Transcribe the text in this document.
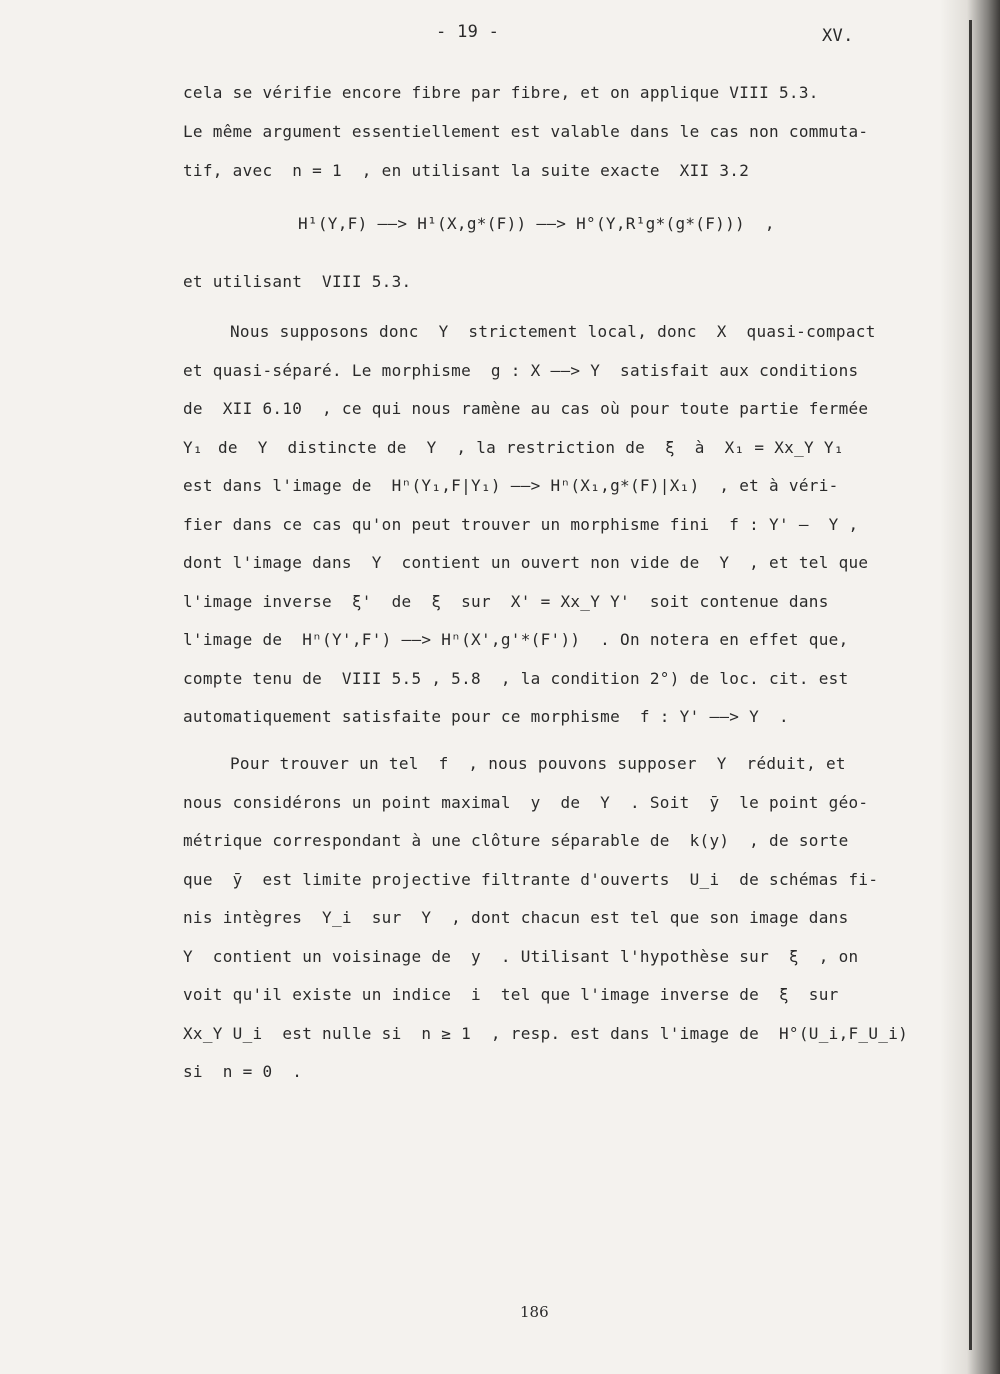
- 19 -	XV.
cela se vérifie encore fibre par fibre, et on applique VIII 5.3.
Le même argument essentiellement est valable dans le cas non commuta-
tif, avec  n = 1  , en utilisant la suite exacte  XII 3.2
H¹(Y,F) ——> H¹(X,g*(F)) ——> H°(Y,R¹g*(g*(F)))  ,
et utilisant  VIII 5.3.
Nous supposons donc  Y  strictement local, donc  X  quasi-compact
et quasi-séparé. Le morphisme  g : X ——> Y  satisfait aux conditions
de  XII 6.10  , ce qui nous ramène au cas où pour toute partie fermée
Y₁ de  Y  distincte de  Y  , la restriction de  ξ  à  X₁ = Xx_Y Y₁
est dans l'image de  Hⁿ(Y₁,F|Y₁) ——> Hⁿ(X₁,g*(F)|X₁)  , et à véri-
fier dans ce cas qu'on peut trouver un morphisme fini  f : Y' —  Y ,
dont l'image dans  Y  contient un ouvert non vide de  Y  , et tel que
l'image inverse  ξ'  de  ξ  sur  X' = Xx_Y Y'  soit contenue dans
l'image de  Hⁿ(Y',F') ——> Hⁿ(X',g'*(F'))  . On notera en effet que,
compte tenu de  VIII 5.5 , 5.8  , la condition 2°) de loc. cit. est
automatiquement satisfaite pour ce morphisme  f : Y' ——> Y  .
Pour trouver un tel  f  , nous pouvons supposer  Y  réduit, et
nous considérons un point maximal  y  de  Y  . Soit  ȳ  le point géo-
métrique correspondant à une clôture séparable de  k(y)  , de sorte
que  ȳ  est limite projective filtrante d'ouverts  U_i  de schémas fi-
nis intègres  Y_i  sur  Y  , dont chacun est tel que son image dans
Y  contient un voisinage de  y  . Utilisant l'hypothèse sur  ξ  , on
voit qu'il existe un indice  i  tel que l'image inverse de  ξ  sur
Xx_Y U_i  est nulle si  n ≥ 1  , resp. est dans l'image de  H°(U_i,F_U_i)
si  n = 0  .
186
